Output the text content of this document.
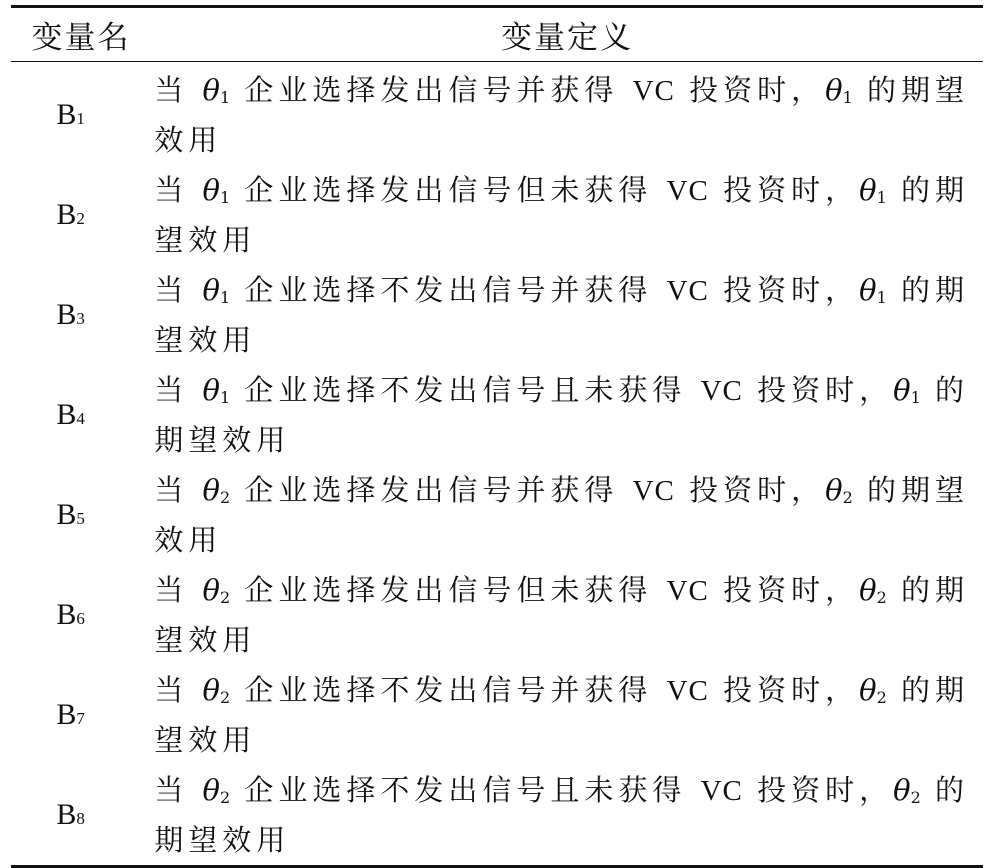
变量名	变量定义
$B_1$
当 $\theta_1$ 企业选择发出信号并获得 VC 投资时，$\theta_1$ 的期望
效用
$B_2$
当 $\theta_1$ 企业选择发出信号但未获得 VC 投资时，$\theta_1$ 的期
望效用
$B_3$
当 $\theta_1$ 企业选择不发出信号并获得 VC 投资时，$\theta_1$ 的期
望效用
$B_4$
当 $\theta_1$ 企业选择不发出信号且未获得 VC 投资时，$\theta_1$ 的
期望效用
$B_5$
当 $\theta_2$ 企业选择发出信号并获得 VC 投资时，$\theta_2$ 的期望
效用
$B_6$
当 $\theta_2$ 企业选择发出信号但未获得 VC 投资时，$\theta_2$ 的期
望效用
$B_7$
当 $\theta_2$ 企业选择不发出信号并获得 VC 投资时，$\theta_2$ 的期
望效用
$B_8$
当 $\theta_2$ 企业选择不发出信号且未获得 VC 投资时，$\theta_2$ 的
期望效用
